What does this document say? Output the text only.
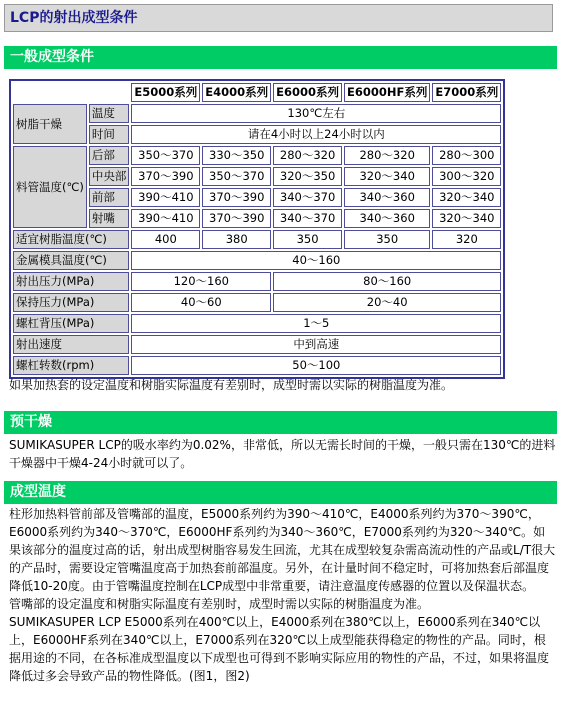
LCP的射出成型条件
一般成型条件
		E5000系列	E4000系列	E6000系列	E6000HF系列	E7000系列
树脂干燥	温度	130℃左右				
	时间	请在4小时以上24小时以内				
料管温度(℃)	后部	350～370	330～350	280～320	280～320	280～300
	中央部	370～390	350～370	320～350	320～340	300～320
	前部	390～410	370～390	340～370	340～360	320～340
	射嘴	390～410	370～390	340～370	340～360	320～340
适宜树脂温度(℃)		400	380	350	350	320
金属模具温度(℃)		40～160				
射出压力(MPa)		120～160		80～160		
保持压力(MPa)		40～60		20～40		
螺杠背压(MPa)		1～5				
射出速度		中到高速				
螺杠转数(rpm)		50～100				
如果加热套的设定温度和树脂实际温度有差别时，成型时需以实际的树脂温度为准。
预干燥

SUMIKASUPER LCP的吸水率约为0.02%，非常低，所以无需长时间的干燥，一般只需在130℃的进料干燥器中干燥4-24小时就可以了。

成型温度

柱形加热料管前部及管嘴部的温度，E5000系列约为390～410℃，E4000系列约为370～390℃，E6000系列约为340～370℃，E6000HF系列约为340～360℃，E7000系列约为320～340℃。如果该部分的温度过高的话，射出成型树脂容易发生回流，尤其在成型较复杂需高流动性的产品或L/T很大的产品时，需要设定管嘴温度高于加热套前部温度。另外，在计量时间不稳定时，可将加热套后部温度降低10-20度。由于管嘴温度控制在LCP成型中非常重要，请注意温度传感器的位置以及保温状态。

管嘴部的设定温度和树脂实际温度有差别时，成型时需以实际的树脂温度为准。

SUMIKASUPER LCP E5000系列在400℃以上，E4000系列在380℃以上，E6000系列在340℃以上，E6000HF系列在340℃以上，E7000系列在320℃以上成型能获得稳定的物性的产品。同时，根据用途的不同，在各标准成型温度以下成型也可得到不影响实际应用的物性的产品，不过，如果将温度降低过多会导致产品的物性降低。(图1，图2)
